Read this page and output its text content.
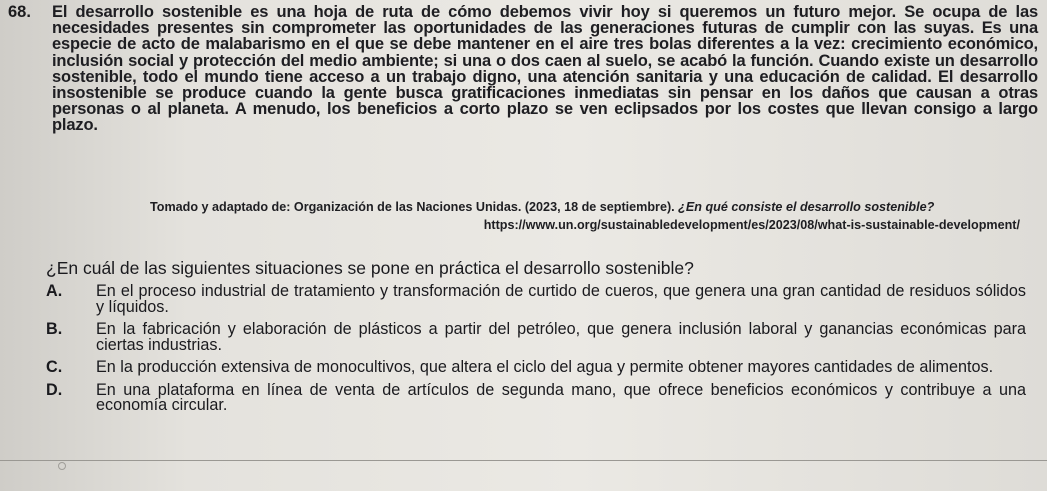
68. El desarrollo sostenible es una hoja de ruta de cómo debemos vivir hoy si queremos un futuro mejor. Se ocupa de las necesidades presentes sin comprometer las oportunidades de las generaciones futuras de cumplir con las suyas. Es una especie de acto de malabarismo en el que se debe mantener en el aire tres bolas diferentes a la vez: crecimiento económico, inclusión social y protección del medio ambiente; si una o dos caen al suelo, se acabó la función. Cuando existe un desarrollo sostenible, todo el mundo tiene acceso a un trabajo digno, una atención sanitaria y una educación de calidad. El desarrollo insostenible se produce cuando la gente busca gratificaciones inmediatas sin pensar en los daños que causan a otras personas o al planeta. A menudo, los beneficios a corto plazo se ven eclipsados por los costes que llevan consigo a largo plazo.
Tomado y adaptado de: Organización de las Naciones Unidas. (2023, 18 de septiembre). ¿En qué consiste el desarrollo sostenible?
https://www.un.org/sustainabledevelopment/es/2023/08/what-is-sustainable-development/
¿En cuál de las siguientes situaciones se pone en práctica el desarrollo sostenible?
A. En el proceso industrial de tratamiento y transformación de curtido de cueros, que genera una gran cantidad de residuos sólidos y líquidos.
B. En la fabricación y elaboración de plásticos a partir del petróleo, que genera inclusión laboral y ganancias económicas para ciertas industrias.
C. En la producción extensiva de monocultivos, que altera el ciclo del agua y permite obtener mayores cantidades de alimentos.
D. En una plataforma en línea de venta de artículos de segunda mano, que ofrece beneficios económicos y contribuye a una economía circular.
